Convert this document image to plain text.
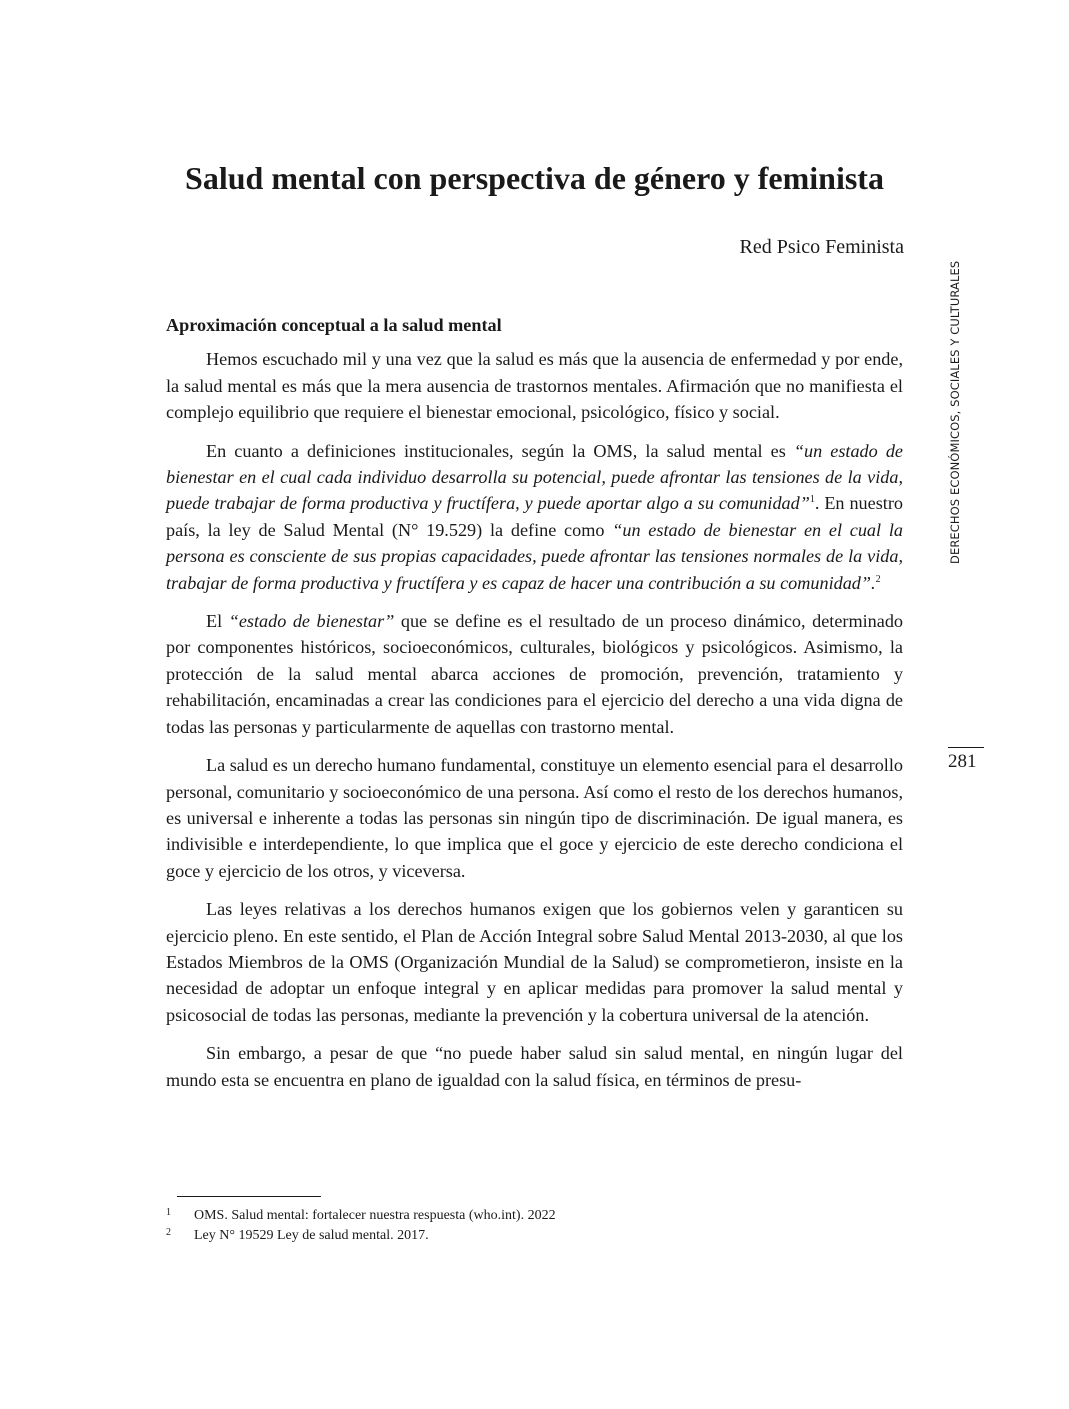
Salud mental con perspectiva de género y feminista
Red Psico Feminista
DERECHOS ECONÓMICOS, SOCIALES Y CULTURALES
281

Aproximación conceptual a la salud mental

Hemos escuchado mil y una vez que la salud es más que la ausencia de enfermedad y por ende, la salud mental es más que la mera ausencia de trastornos mentales. Afirmación que no manifiesta el complejo equilibrio que requiere el bienestar emocional, psicológico, físico y social.

En cuanto a definiciones institucionales, según la OMS, la salud mental es “un estado de bienestar en el cual cada individuo desarrolla su potencial, puede afrontar las tensiones de la vida, puede trabajar de forma productiva y fructífera, y puede aportar algo a su comunidad”$^1$. En nuestro país, la ley de Salud Mental (N° 19.529) la define como “un estado de bienestar en el cual la persona es consciente de sus propias capacidades, puede afrontar las tensiones normales de la vida, trabajar de forma productiva y fructífera y es capaz de hacer una contribución a su comunidad”.$^2$

El “estado de bienestar” que se define es el resultado de un proceso dinámico, determinado por componentes históricos, socioeconómicos, culturales, biológicos y psicológicos. Asimismo, la protección de la salud mental abarca acciones de promoción, prevención, tratamiento y rehabilitación, encaminadas a crear las condiciones para el ejercicio del derecho a una vida digna de todas las personas y particularmente de aquellas con trastorno mental.

La salud es un derecho humano fundamental, constituye un elemento esencial para el desarrollo personal, comunitario y socioeconómico de una persona. Así como el resto de los derechos humanos, es universal e inherente a todas las personas sin ningún tipo de discriminación. De igual manera, es indivisible e interdependiente, lo que implica que el goce y ejercicio de este derecho condiciona el goce y ejercicio de los otros, y viceversa.

Las leyes relativas a los derechos humanos exigen que los gobiernos velen y garanticen su ejercicio pleno. En este sentido, el Plan de Acción Integral sobre Salud Mental 2013-2030, al que los Estados Miembros de la OMS (Organización Mundial de la Salud) se comprometieron, insiste en la necesidad de adoptar un enfoque integral y en aplicar medidas para promover la salud mental y psicosocial de todas las personas, mediante la prevención y la cobertura universal de la atención.

Sin embargo, a pesar de que “no puede haber salud sin salud mental, en ningún lugar del mundo esta se encuentra en plano de igualdad con la salud física, en términos de presu-

1	OMS. Salud mental: fortalecer nuestra respuesta (who.int). 2022
2	Ley N° 19529 Ley de salud mental. 2017.
